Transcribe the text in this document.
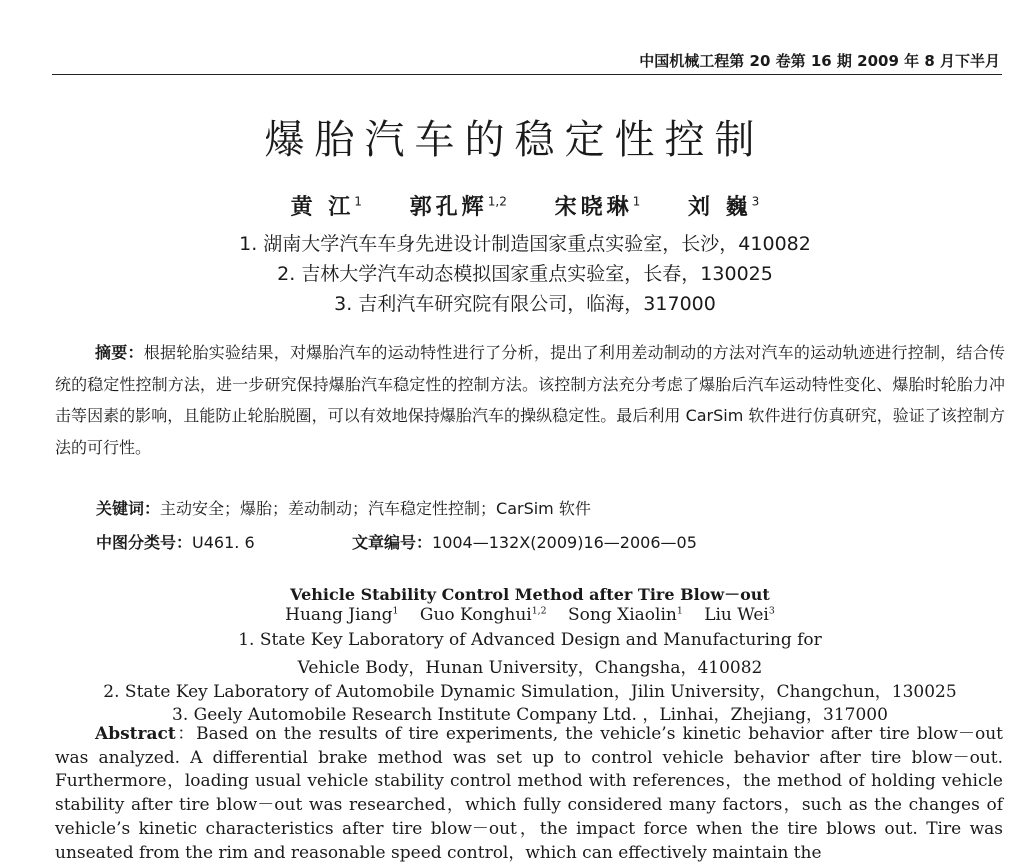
中国机械工程第 20 卷第 16 期 2009 年 8 月下半月
爆胎汽车的稳定性控制
黄 江$^1$ 郭孔辉$^{1,2}$ 宋晓琳$^1$ 刘 巍$^3$
1. 湖南大学汽车车身先进设计制造国家重点实验室，长沙，410082
2. 吉林大学汽车动态模拟国家重点实验室，长春，130025
3. 吉利汽车研究院有限公司，临海，317000
摘要：根据轮胎实验结果，对爆胎汽车的运动特性进行了分析，提出了利用差动制动的方法对汽车的运动轨迹进行控制，结合传统的稳定性控制方法，进一步研究保持爆胎汽车稳定性的控制方法。该控制方法充分考虑了爆胎后汽车运动特性变化、爆胎时轮胎力冲击等因素的影响，且能防止轮胎脱圈，可以有效地保持爆胎汽车的操纵稳定性。最后利用 CarSim 软件进行仿真研究，验证了该控制方法的可行性。
关键词：主动安全；爆胎；差动制动；汽车稳定性控制；CarSim 软件
中图分类号：U461. 6	文章编号：1004—132X(2009)16—2006—05
Vehicle Stability Control Method after Tire Blow－out
Huang Jiang$^1$ Guo Konghui$^{1,2}$ Song Xiaolin$^1$ Liu Wei$^3$
1. State Key Laboratory of Advanced Design and Manufacturing for
Vehicle Body，Hunan University，Changsha，410082
2. State Key Laboratory of Automobile Dynamic Simulation，Jilin University，Changchun，130025
3. Geely Automobile Research Institute Company Ltd. ，Linhai，Zhejiang，317000
Abstract：Based on the results of tire experiments, the vehicle’s kinetic behavior after tire blow－out was analyzed. A differential brake method was set up to control vehicle behavior after tire blow－out. Furthermore，loading usual vehicle stability control method with references，the method of holding vehicle stability after tire blow－out was researched，which fully considered many factors，such as the changes of vehicle’s kinetic characteristics after tire blow－out，the impact force when the tire blows out. Tire was unseated from the rim and reasonable speed control，which can effectively maintain the
